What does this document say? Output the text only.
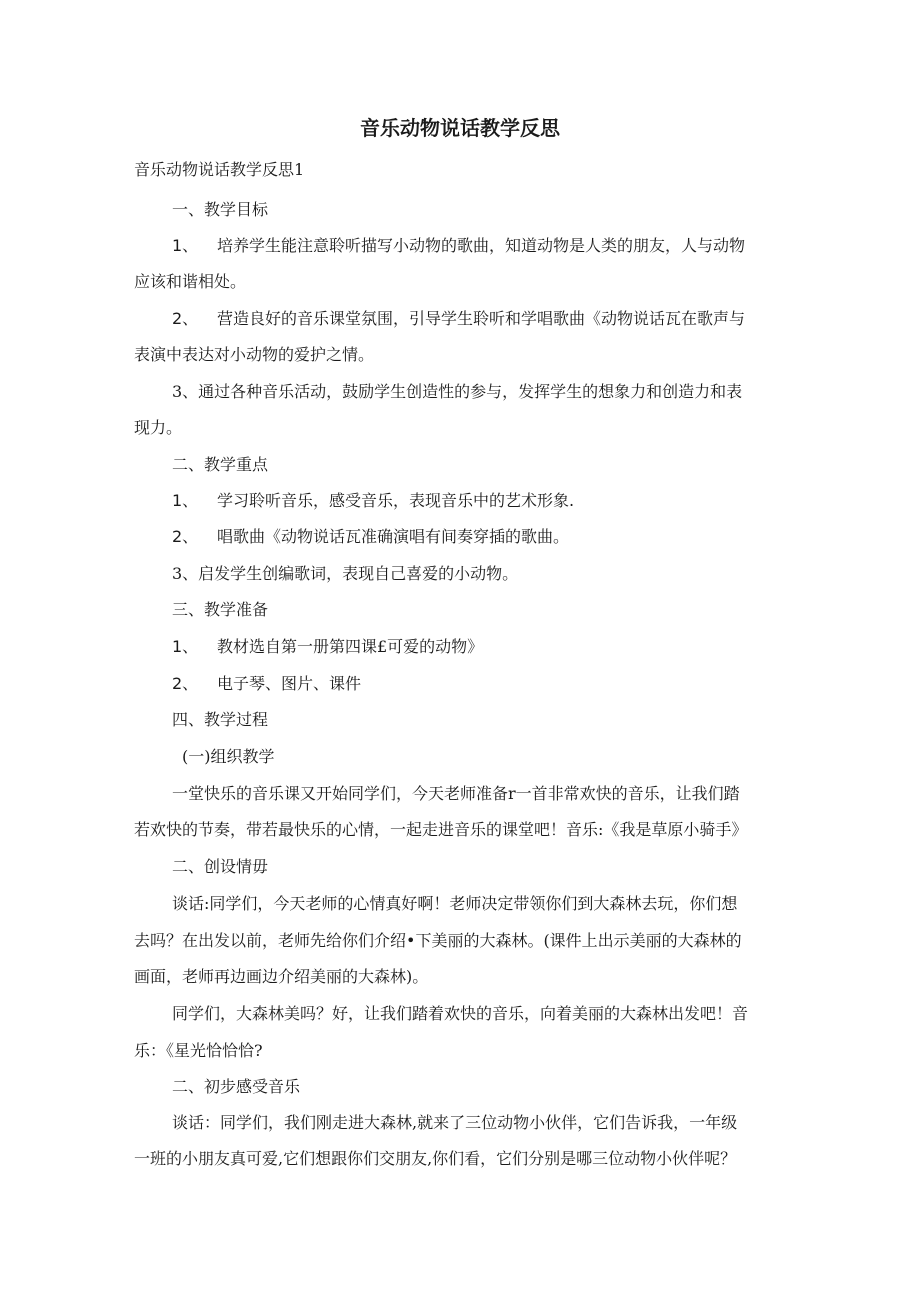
音乐动物说话教学反思

音乐动物说话教学反思1

一、教学目标

1、 培养学生能注意聆听描写小动物的歌曲，知道动物是人类的朋友，人与动物

应该和谐相处。

2、 营造良好的音乐课堂氛围，引导学生聆听和学唱歌曲《动物说话瓦在歌声与

表演中表达对小动物的爱护之情。

3、通过各种音乐活动，鼓励学生创造性的参与，发挥学生的想象力和创造力和表

现力。

二、教学重点

1、 学习聆听音乐，感受音乐，表现音乐中的艺术形象.

2、 唱歌曲《动物说话瓦准确演唱有间奏穿插的歌曲。

3、启发学生创编歌词，表现自己喜爱的小动物。

三、教学准备

1、 教材选自第一册第四课£可爱的动物》

2、 电子琴、图片、课件

四、教学过程

(一)组织教学

一堂快乐的音乐课又开始同学们，今天老师准备r一首非常欢快的音乐，让我们踏

若欢快的节奏，带若最快乐的心情，一起走进音乐的课堂吧！音乐:《我是草原小骑手》

二、创设情毋

谈话:同学们，今天老师的心情真好啊！老师决定带领你们到大森林去玩，你们想

去吗？在出发以前，老师先给你们介绍•下美丽的大森林。(课件上出示美丽的大森林的

画面，老师再边画边介绍美丽的大森林)。

同学们，大森林美吗？好，让我们踏着欢快的音乐，向着美丽的大森林出发吧！音

乐：《星光恰恰恰?

二、初步感受音乐

谈话：同学们，我们刚走进大森林,就来了三位动物小伙伴，它们告诉我，一年级

一班的小朋友真可爱,它们想跟你们交朋友,你们看，它们分别是哪三位动物小伙伴呢？
